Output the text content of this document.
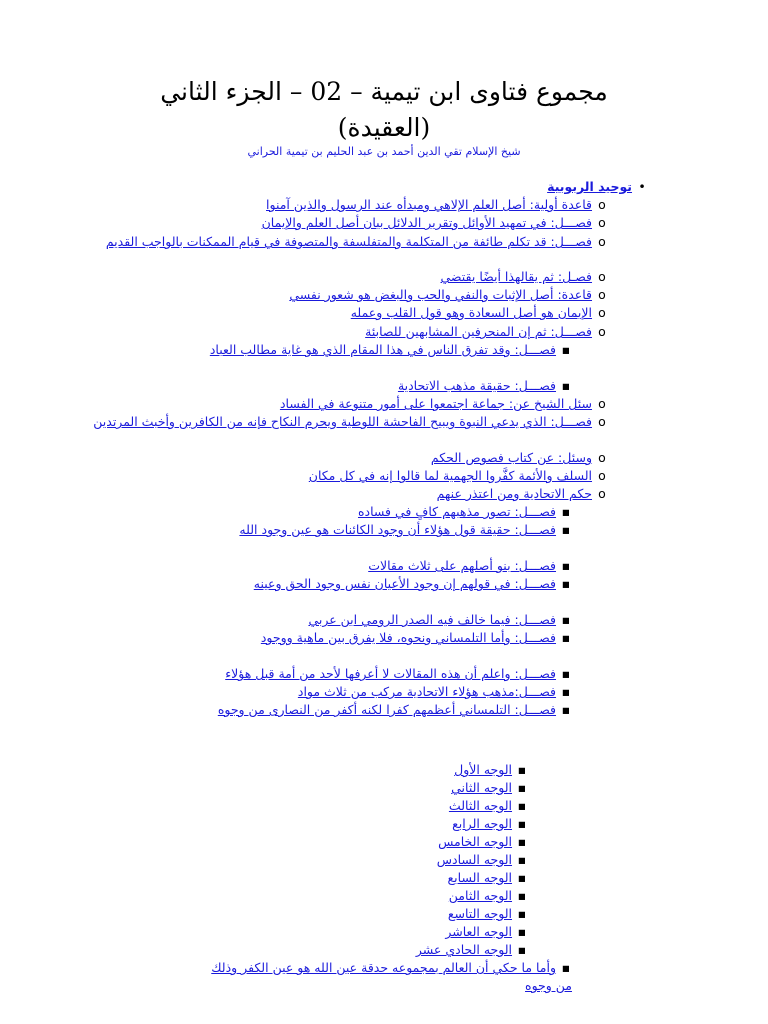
مجموع فتاوى ابن تيمية – 02 – الجزء الثاني
(العقيدة)
شيخ الإسلام تقي الدين أحمد بن عبد الحليم بن تيمية الحراني
• توحيد الربوبية
o قاعدة أولية: أصل العلم الإلاهي ومبدأه عند الرسول والذين آمنوا
o فصـــل: في تمهيد الأوائل وتقرير الدلائل ببان أصل العلم والإيمان
o فصـــل: قد تكلم طائفة من المتكلمة والمتفلسفة والمتصوفة في قيام الممكنات بالواجب القديم
o فصـل: ثم يقالهذا أيضًا يقتضي
o قاعدة: أصل الإثبات والنفي والحب والبغض هو شعور نفسي
o الإيمان هو أصل السعادة وهو قول القلب وعمله
o فصـــل: ثم إن المنحرفين المشابهين للصابئة
▪ فصـــل: وقد تفرق الناس في هذا المقام الذي هو غاية مطالب العباد
▪ فصـــل: حقيقة مذهب الاتحادية
o سئل الشيخ عن: جماعة اجتمعوا على أمور متنوعة في الفساد
o فصـــل: الذي يدعي النبوة ويبيح الفاحشة اللوطية ويحرم النكاح فإنه من الكافرين وأخبث المرتدين
o وسئل: عن كتاب فصوص الحكم
o السلف والأئمة كفَّروا الجهمية لما قالوا إنه في كل مكان
o حكم الاتحادية ومن اعتذر عنهم
▪ فصـــل: تصور مذهبهم كافٍ في فساده
▪ فصـــل: حقيقة قول هؤلاء أن وجود الكائنات هو عين وجود الله
▪ فصـــل: بنو أصلهم على ثلاث مقالات
▪ فصـــل: في قولهم إن وجود الأعيان نفس وجود الحق وعينه
▪ فصـــل: فيما خالف فيه الصدر الرومي ابن عربي
▪ فصـــل: وأما التلمساني ونحوه، فلا يفرق بين ماهية ووجود
▪ فصـــل: واعلم أن هذه المقالات لا أعرفها لأحد من أمة قبل هؤلاء
▪ فصـــل:مذهب هؤلاء الاتحادية مركب من ثلاث مواد
▪ فصـــل: التلمساني أعظمهم كفرا لكنه أكفر من النصارى من وجوه
▪ الوجه الأول
▪ الوجه الثاني
▪ الوجه الثالث
▪ الوجه الرابع
▪ الوجه الخامس
▪ الوجه السادس
▪ الوجه السابع
▪ الوجه الثامن
▪ الوجه التاسع
▪ الوجه العاشر
▪ الوجه الحادي عشر
▪ وأما ما حكي أن العالم بمجموعه حدقة عين الله هو عين الكفر وذلك من وجوه
